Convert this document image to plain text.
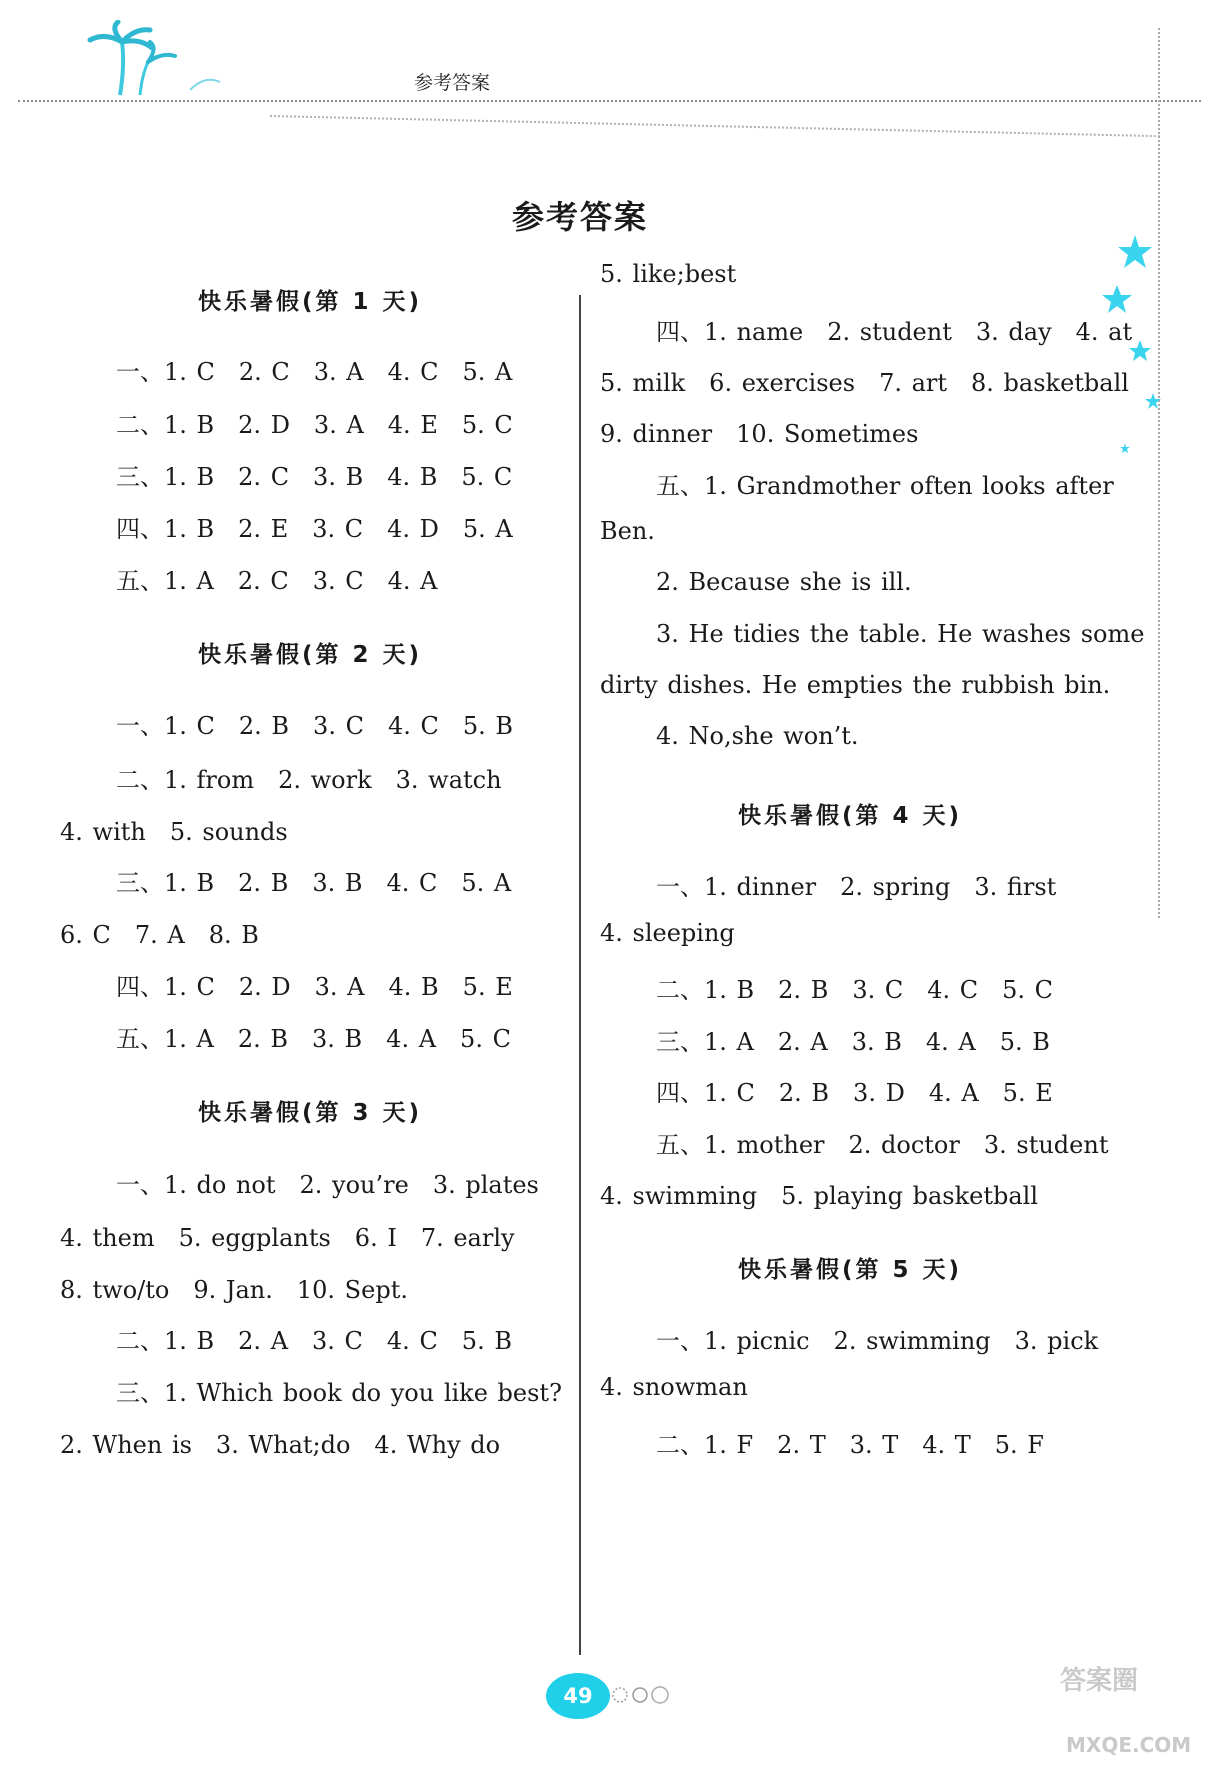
参考答案
参考答案
快乐暑假(第 1 天)
一、1. C　2. C　3. A　4. C　5. A
二、1. B　2. D　3. A　4. E　5. C
三、1. B　2. C　3. B　4. B　5. C
四、1. B　2. E　3. C　4. D　5. A
五、1. A　2. C　3. C　4. A
快乐暑假(第 2 天)
一、1. C　2. B　3. C　4. C　5. B
二、1. from　2. work　3. watch
4. with　5. sounds
三、1. B　2. B　3. B　4. C　5. A
6. C　7. A　8. B
四、1. C　2. D　3. A　4. B　5. E
五、1. A　2. B　3. B　4. A　5. C
快乐暑假(第 3 天)
一、1. do not　2. you’re　3. plates
4. them　5. eggplants　6. I　7. early
8. two/to　9. Jan.　10. Sept.
二、1. B　2. A　3. C　4. C　5. B
三、1. Which book do you like best?
2. When is　3. What;do　4. Why do
5. like;best
四、1. name　2. student　3. day　4. at
5. milk　6. exercises　7. art　8. basketball
9. dinner　10. Sometimes
五、1. Grandmother often looks after
Ben.
2. Because she is ill.
3. He tidies the table. He washes some
dirty dishes. He empties the rubbish bin.
4. No,she won’t.
快乐暑假(第 4 天)
一、1. dinner　2. spring　3. first
4. sleeping
二、1. B　2. B　3. C　4. C　5. C
三、1. A　2. A　3. B　4. A　5. B
四、1. C　2. B　3. D　4. A　5. E
五、1. mother　2. doctor　3. student
4. swimming　5. playing basketball
快乐暑假(第 5 天)
一、1. picnic　2. swimming　3. pick
4. snowman
二、1. F　2. T　3. T　4. T　5. F
49	答案圈
MXQE.COM
